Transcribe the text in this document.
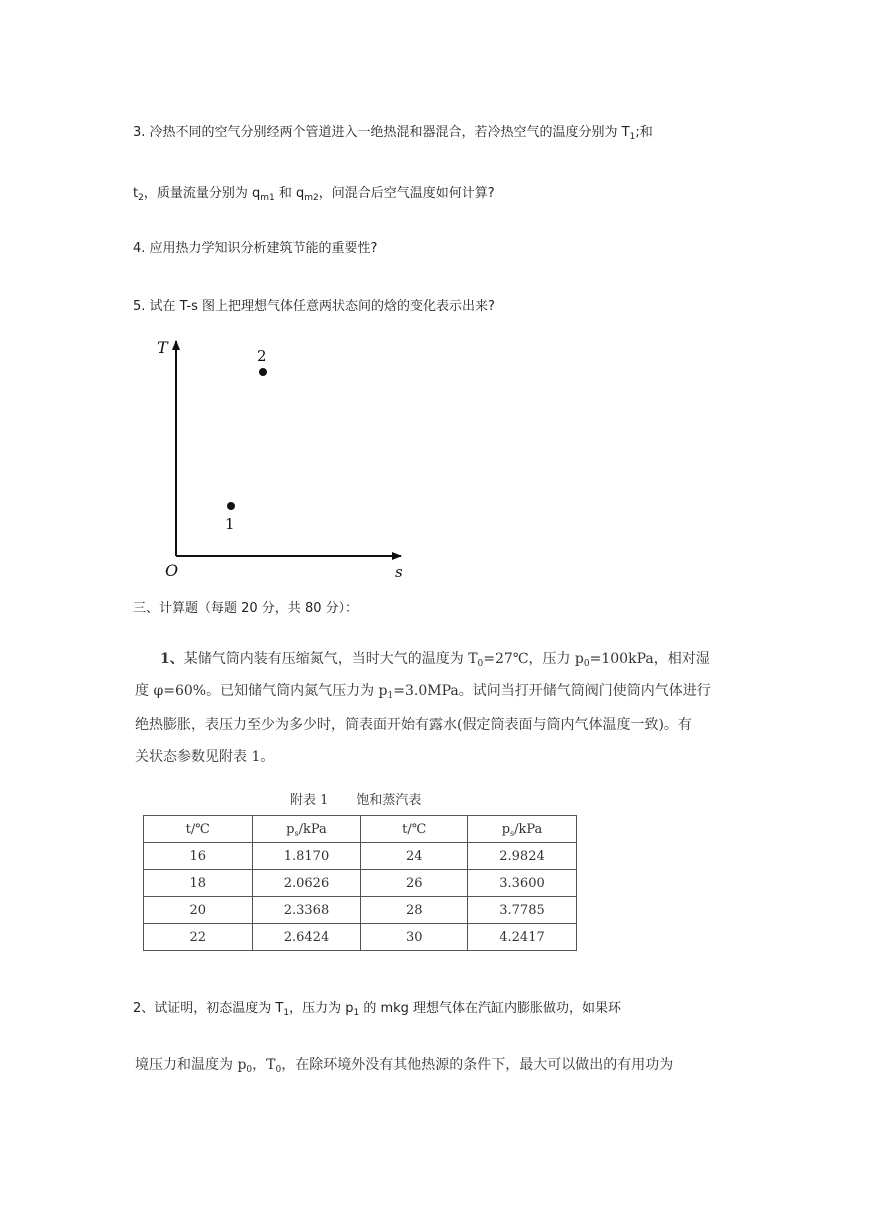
3. 冷热不同的空气分别经两个管道进入一绝热混和器混合，若冷热空气的温度分别为 $T_1$;和
$t_2$，质量流量分别为 $q_{m1}$ 和 $q_{m2}$，问混合后空气温度如何计算?
4. 应用热力学知识分析建筑节能的重要性?
5. 试在 T-s 图上把理想气体任意两状态间的焓的变化表示出来?
T
s
O
2
1
三、计算题（每题 20 分，共 80 分）：
1、某储气筒内装有压缩氮气，当时大气的温度为 $T_0=27℃$，压力 $p_0=100kPa$，相对湿
度 φ=60%。已知储气筒内氮气压力为 $p_1=3.0MPa$。试问当打开储气筒阀门使筒内气体进行
绝热膨胀，表压力至少为多少时，筒表面开始有露水(假定筒表面与筒内气体温度一致)。有
关状态参数见附表 1。
附表 1 饱和蒸汽表
t/℃	$p_s$/kPa	t/℃	$p_s$/kPa
16	1.8170	24	2.9824
18	2.0626	26	3.3600
20	2.3368	28	3.7785
22	2.6424	30	4.2417
2、试证明，初态温度为 $T_1$，压力为 $p_1$ 的 mkg 理想气体在汽缸内膨胀做功，如果环
境压力和温度为 $p_0$，$T_0$，在除环境外没有其他热源的条件下，最大可以做出的有用功为
